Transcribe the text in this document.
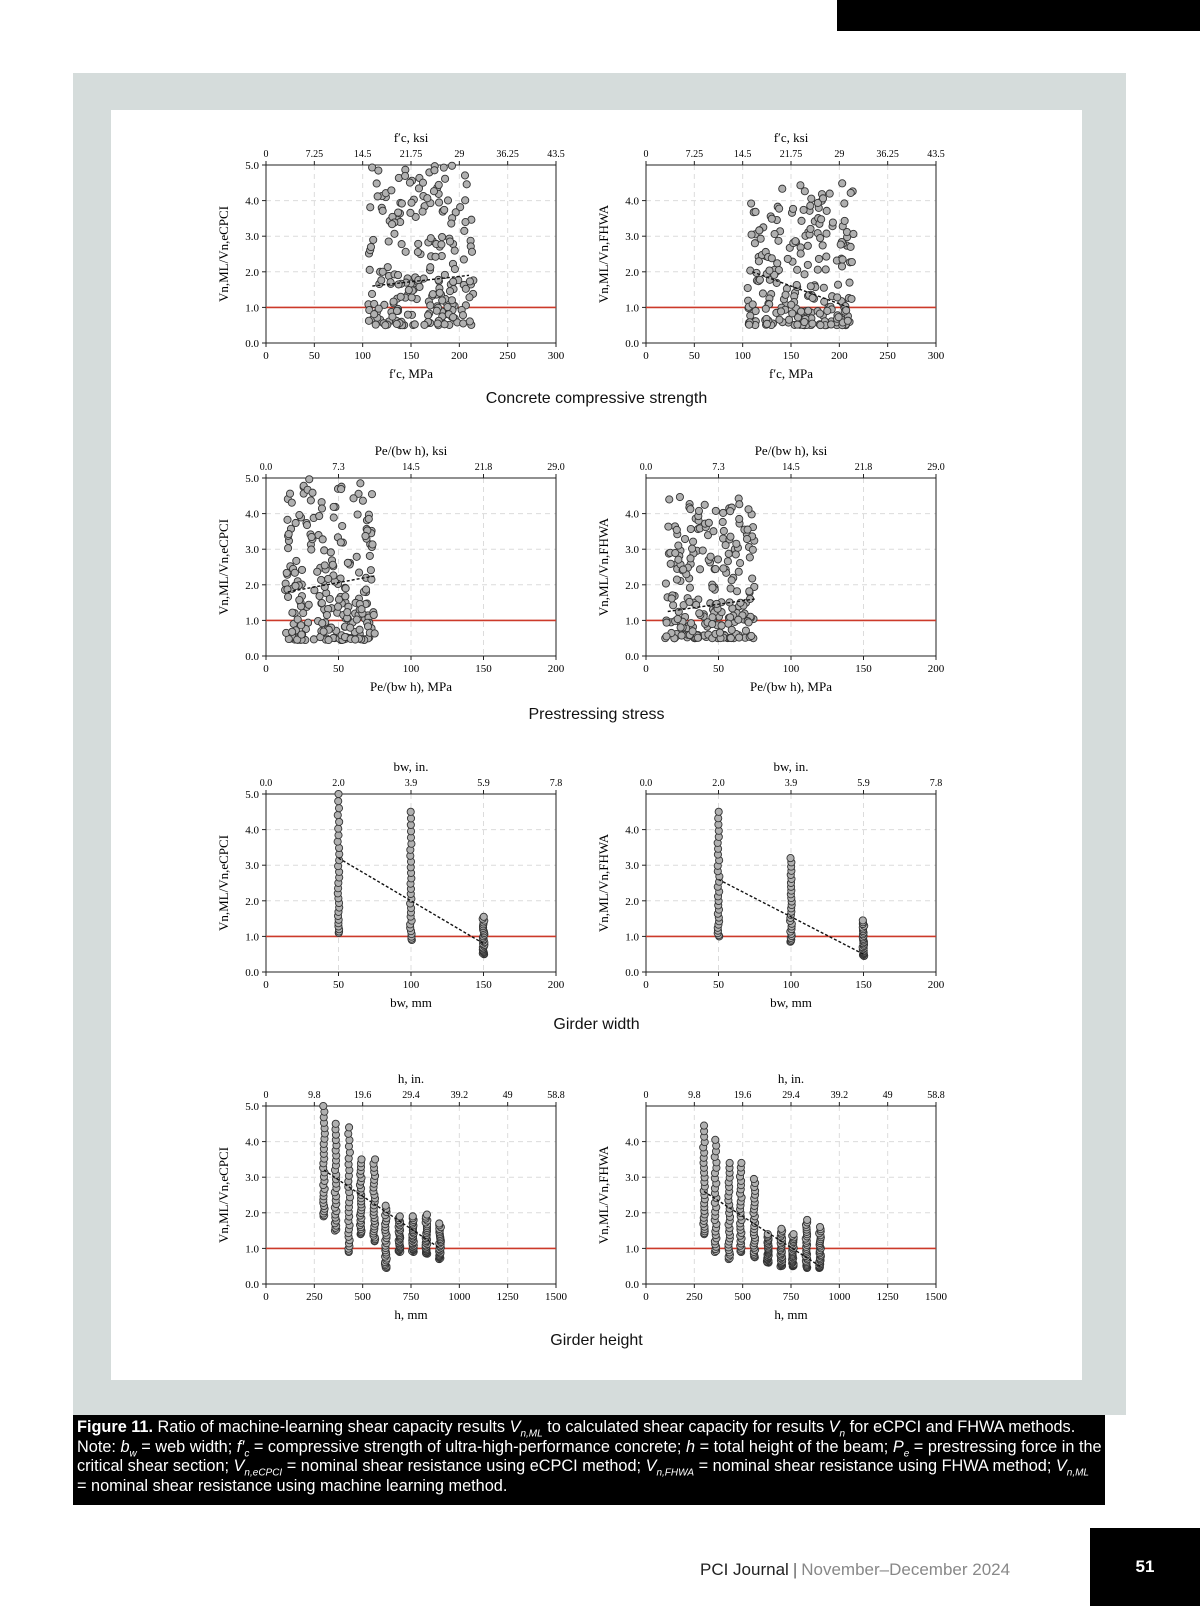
0	50	100	150	200	250	300
0	7.25	14.5	21.75	29	36.25	43.5
0.0
1.0
2.0
3.0
4.0
5.0
f′c, MPa
f′c, ksi
Vn,ML/Vn,eCPCI
0	50	100	150	200	250	300
0	7.25	14.5	21.75	29	36.25	43.5
0.0
1.0
2.0
3.0
4.0
f′c, MPa
f′c, ksi
Vn,ML/Vn,FHWA
0	50	100	150	200
0.0	7.3	14.5	21.8	29.0
0.0
1.0
2.0
3.0
4.0
5.0
Pe/(bw h), MPa
Pe/(bw h), ksi
Vn,ML/Vn,eCPCI
0	50	100	150	200
0.0	7.3	14.5	21.8	29.0
0.0
1.0
2.0
3.0
4.0
Pe/(bw h), MPa
Pe/(bw h), ksi
Vn,ML/Vn,FHWA
0	50	100	150	200
0.0	2.0	3.9	5.9	7.8
0.0
1.0
2.0
3.0
4.0
5.0
bw, mm
bw, in.
Vn,ML/Vn,eCPCI
0	50	100	150	200
0.0	2.0	3.9	5.9	7.8
0.0
1.0
2.0
3.0
4.0
bw, mm
bw, in.
Vn,ML/Vn,FHWA
0	250	500	750	1000 1250 1500
0	9.8	19.6	29.4	39.2	49	58.8
0.0
1.0
2.0
3.0
4.0
5.0
h, mm
h, in.
Vn,ML/Vn,eCPCI
0	250	500	750	1000 1250 1500
0	9.8	19.6	29.4	39.2	49	58.8
0.0
1.0
2.0
3.0
4.0
h, mm
h, in.
Vn,ML/Vn,FHWA
Concrete compressive strength
Prestressing stress
Girder width
Girder height
Figure 11. Ratio of machine-learning shear capacity results $V_{n,ML}$ to calculated shear capacity for results $V_n$ for eCPCI and FHWA methods. Note: $b_w$ = web width; $f'_c$ = compressive strength of ultra-high-performance concrete; h = total height of the beam; $P_e$ = prestressing force in the critical shear section; $V_{n,eCPCI}$ = nominal shear resistance using eCPCI method; $V_{n,FHWA}$ = nominal shear resistance using FHWA method; $V_{n,ML}$ = nominal shear resistance using machine learning method.
PCI Journal | November–December 2024	51
